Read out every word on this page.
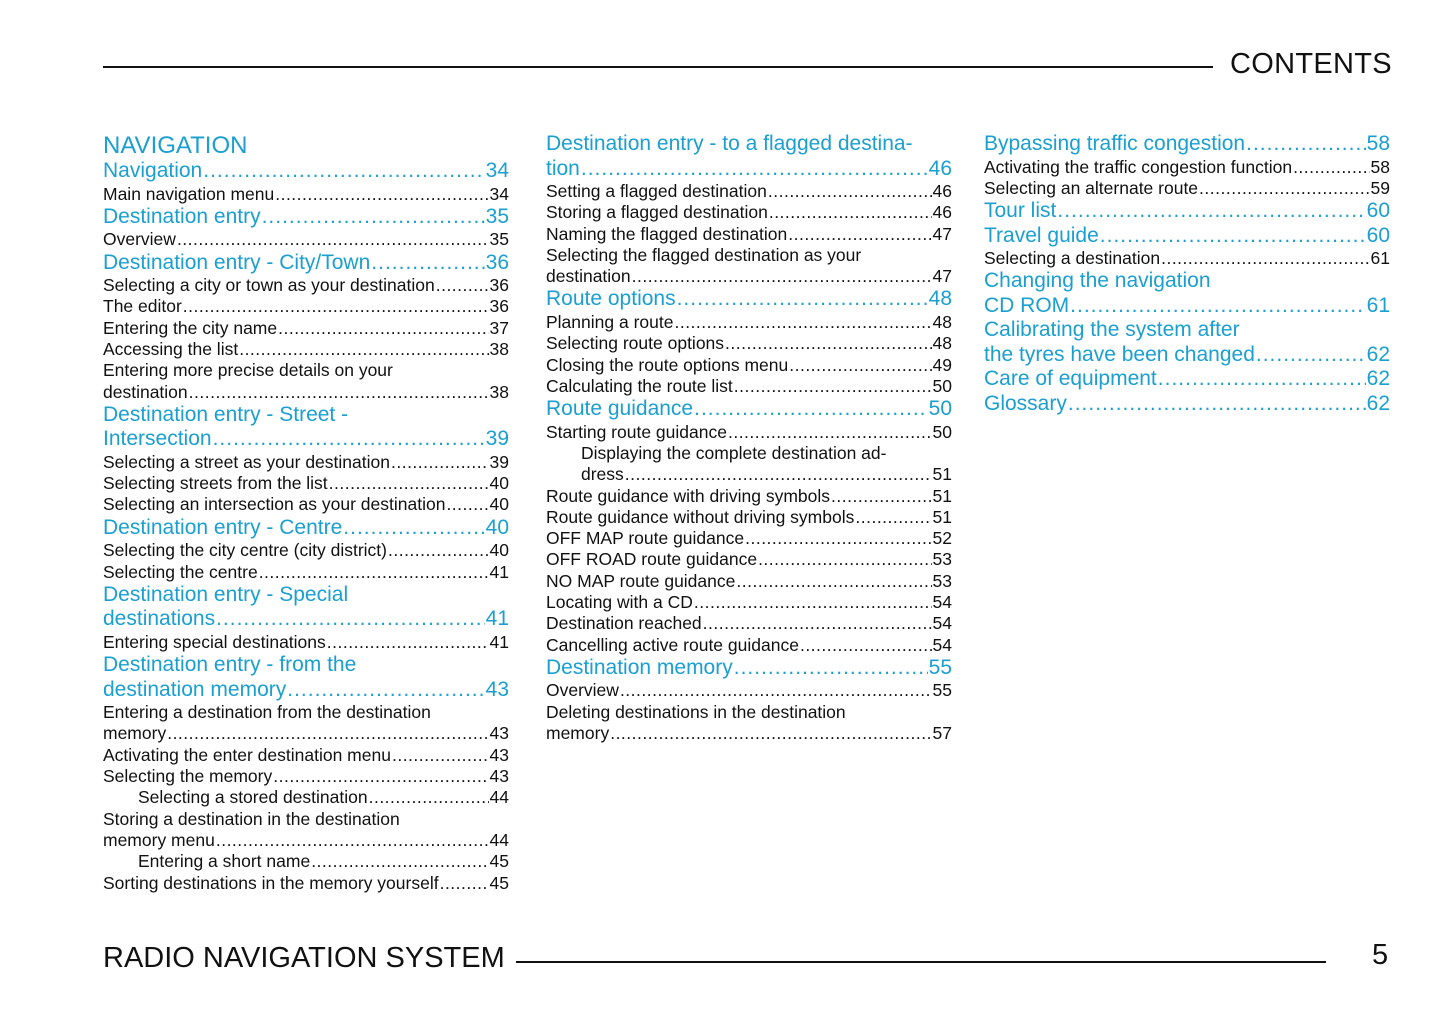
CONTENTS
NAVIGATION
Navigation .....	34
Main navigation menu .....	34
Destination entry .....	35
Overview .....	35
Destination entry - City/Town .....	36
Selecting a city or town as your destination .....	36
The editor .....	36
Entering the city name .....	37
Accessing the list .....	38
Entering more precise details on your
destination .....	38
Destination entry - Street -
Intersection .....	39
Selecting a street as your destination .....	39
Selecting streets from the list .....	40
Selecting an intersection as your destination .....	40
Destination entry - Centre .....	40
Selecting the city centre (city district) .....	40
Selecting the centre .....	41
Destination entry - Special
destinations .....	41
Entering special destinations .....	41
Destination entry - from the
destination memory .....	43
Entering a destination from the destination
memory .....	43
Activating the enter destination menu .....	43
Selecting the memory .....	43
Selecting a stored destination .....	44
Storing a destination in the destination
memory menu .....	44
Entering a short name .....	45
Sorting destinations in the memory yourself .....	45
Destination entry - to a flagged destina-
tion .....	46
Setting a flagged destination .....	46
Storing a flagged destination .....	46
Naming the flagged destination .....	47
Selecting the flagged destination as your
destination .....	47
Route options .....	48
Planning a route .....	48
Selecting route options .....	48
Closing the route options menu .....	49
Calculating the route list .....	50
Route guidance .....	50
Starting route guidance .....	50
Displaying the complete destination ad-
dress .....	51
Route guidance with driving symbols .....	51
Route guidance without driving symbols .....	51
OFF MAP route guidance .....	52
OFF ROAD route guidance .....	53
NO MAP route guidance .....	53
Locating with a CD .....	54
Destination reached .....	54
Cancelling active route guidance .....	54
Destination memory .....	55
Overview .....	55
Deleting destinations in the destination
memory .....	57
Bypassing traffic congestion .....	58
Activating the traffic congestion function .....	58
Selecting an alternate route .....	59
Tour list .....	60
Travel guide .....	60
Selecting a destination .....	61
Changing the navigation
CD ROM .....	61
Calibrating the system after
the tyres have been changed .....	62
Care of equipment .....	62
Glossary .....	62
RADIO NAVIGATION SYSTEM	5
